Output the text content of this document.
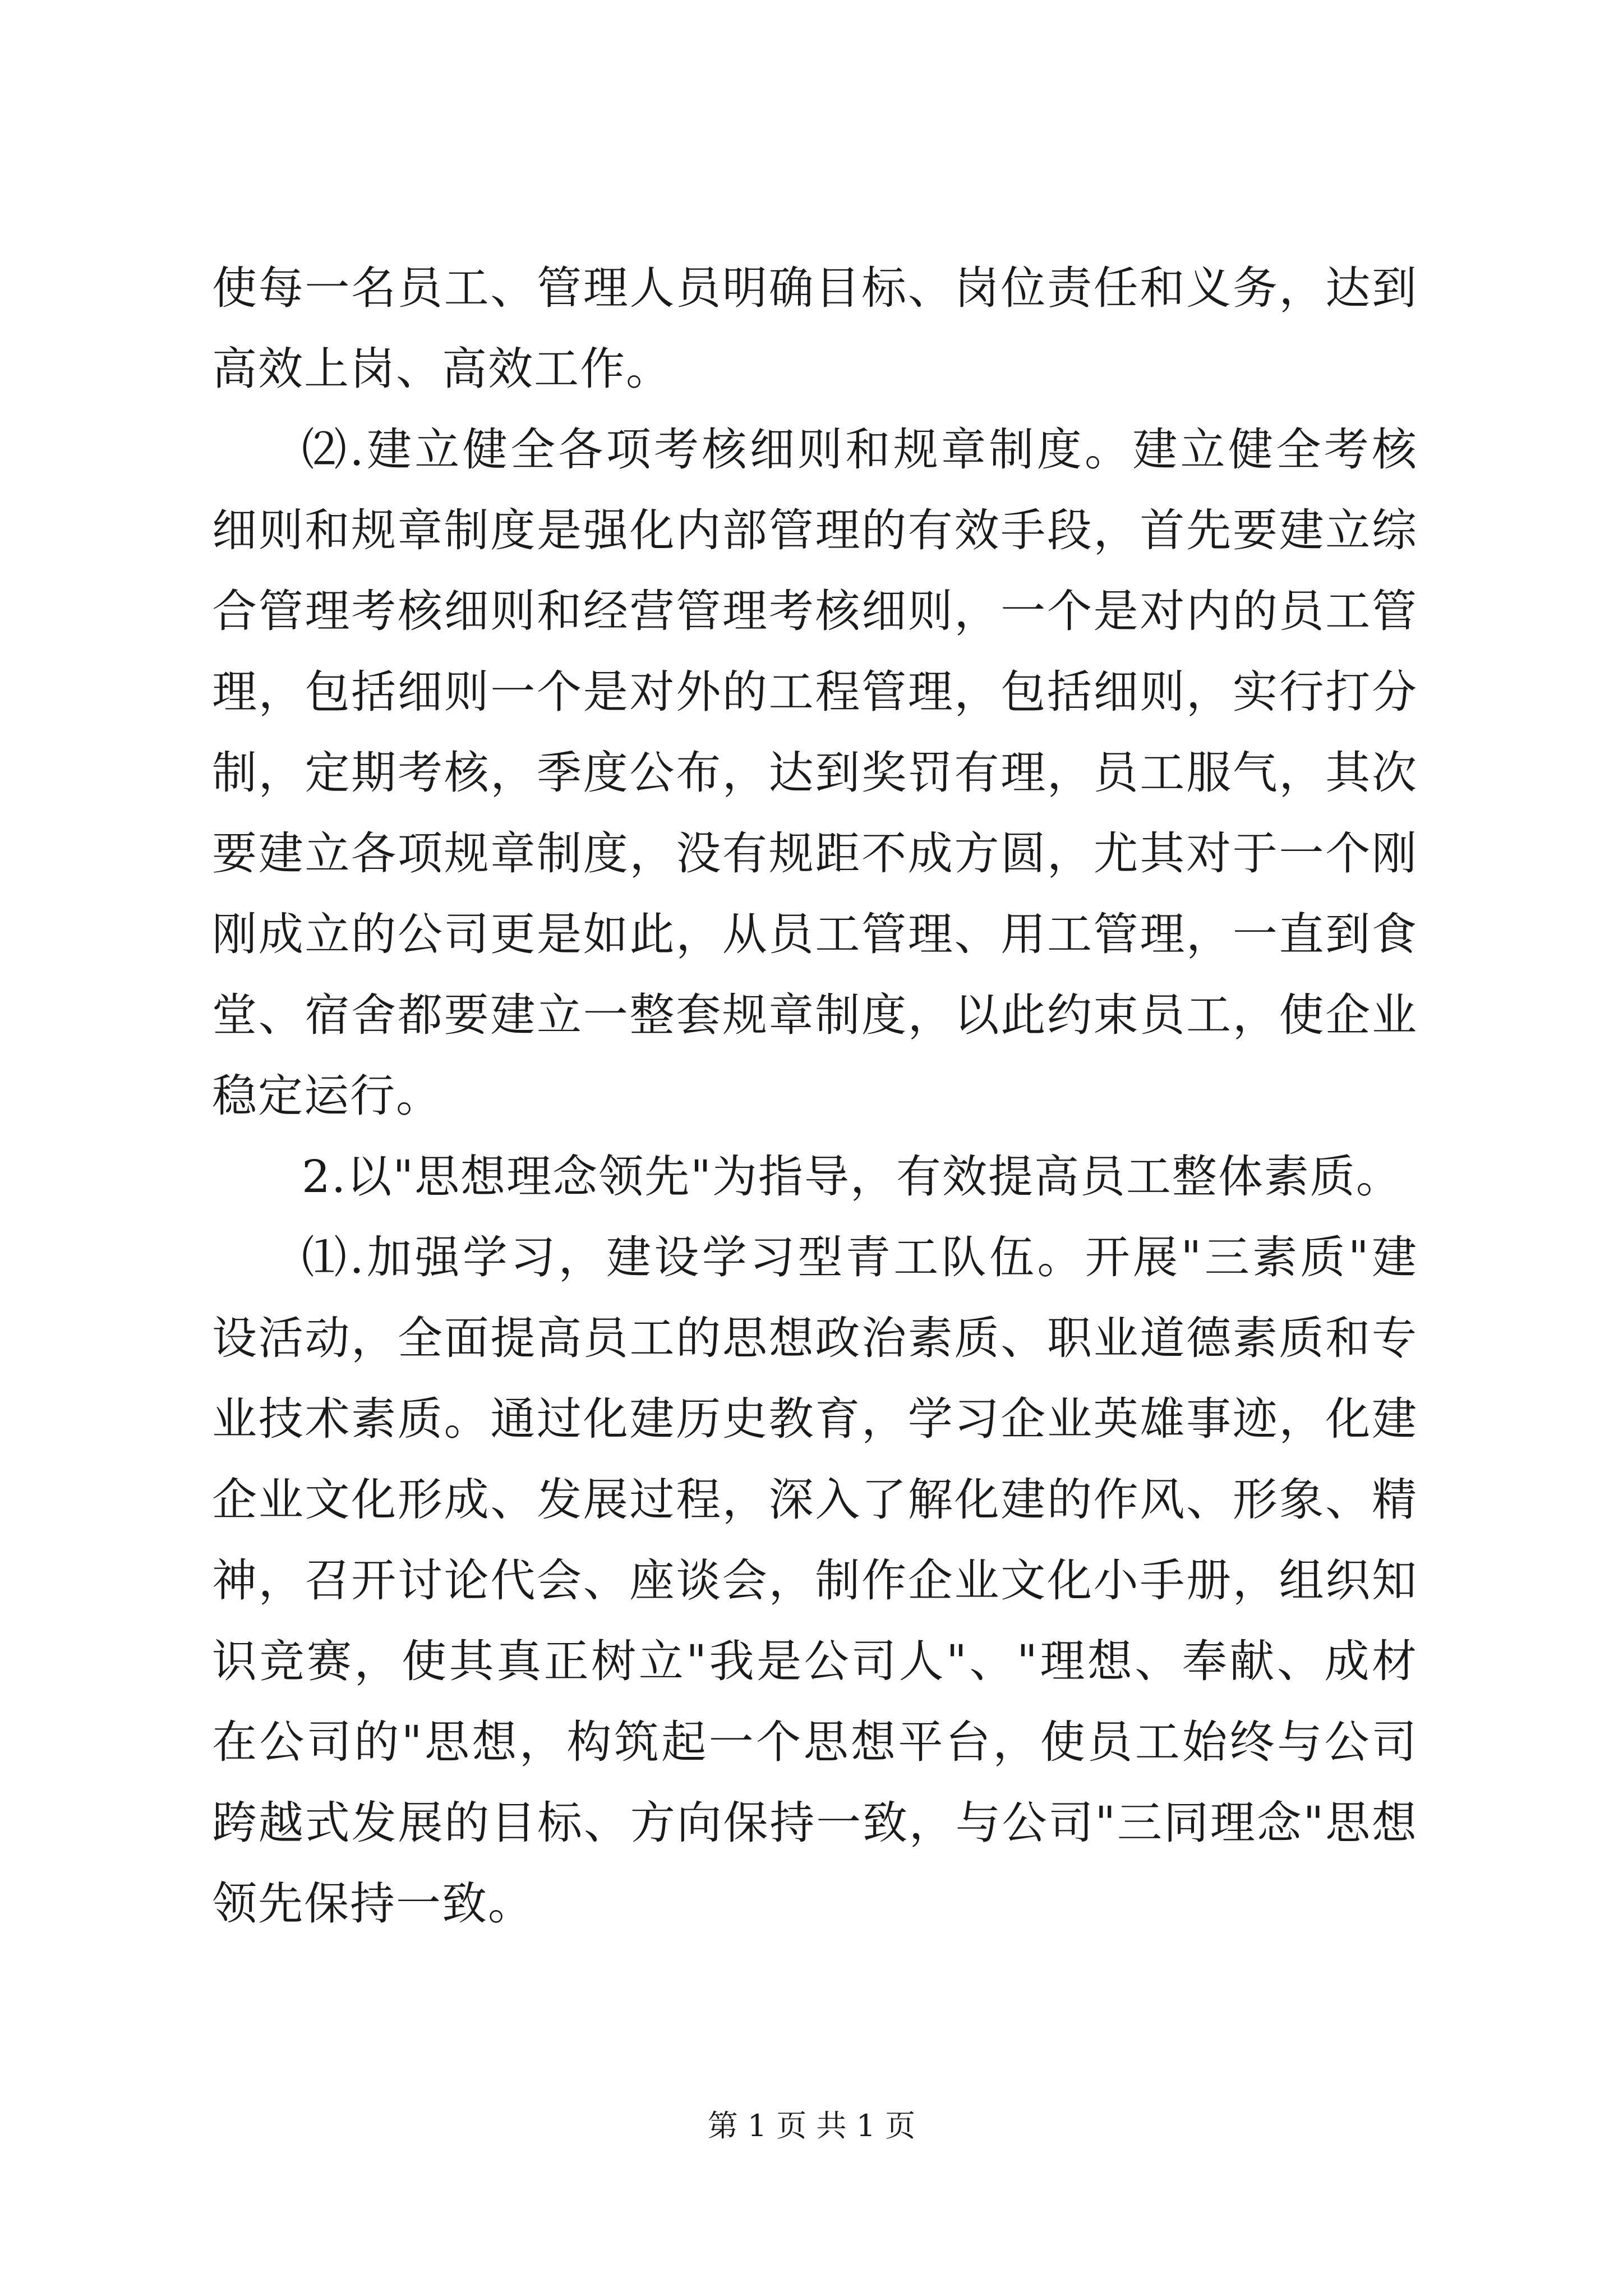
使每一名员工、管理人员明确目标、岗位责任和义务，达到高效上岗、高效工作。

⑵.建立健全各项考核细则和规章制度。建立健全考核细则和规章制度是强化内部管理的有效手段，首先要建立综合管理考核细则和经营管理考核细则，一个是对内的员工管理，包括细则一个是对外的工程管理，包括细则，实行打分制，定期考核，季度公布，达到奖罚有理，员工服气，其次要建立各项规章制度，没有规距不成方圆，尤其对于一个刚刚成立的公司更是如此，从员工管理、用工管理，一直到食堂、宿舍都要建立一整套规章制度，以此约束员工，使企业稳定运行。

2.以"思想理念领先"为指导，有效提高员工整体素质。

⑴.加强学习，建设学习型青工队伍。开展"三素质"建设活动，全面提高员工的思想政治素质、职业道德素质和专业技术素质。通过化建历史教育，学习企业英雄事迹，化建企业文化形成、发展过程，深入了解化建的作风、形象、精神，召开讨论代会、座谈会，制作企业文化小手册，组织知识竞赛，使其真正树立"我是公司人"、"理想、奉献、成材在公司的"思想，构筑起一个思想平台，使员工始终与公司跨越式发展的目标、方向保持一致，与公司"三同理念"思想领先保持一致。

第 1 页 共 1 页
